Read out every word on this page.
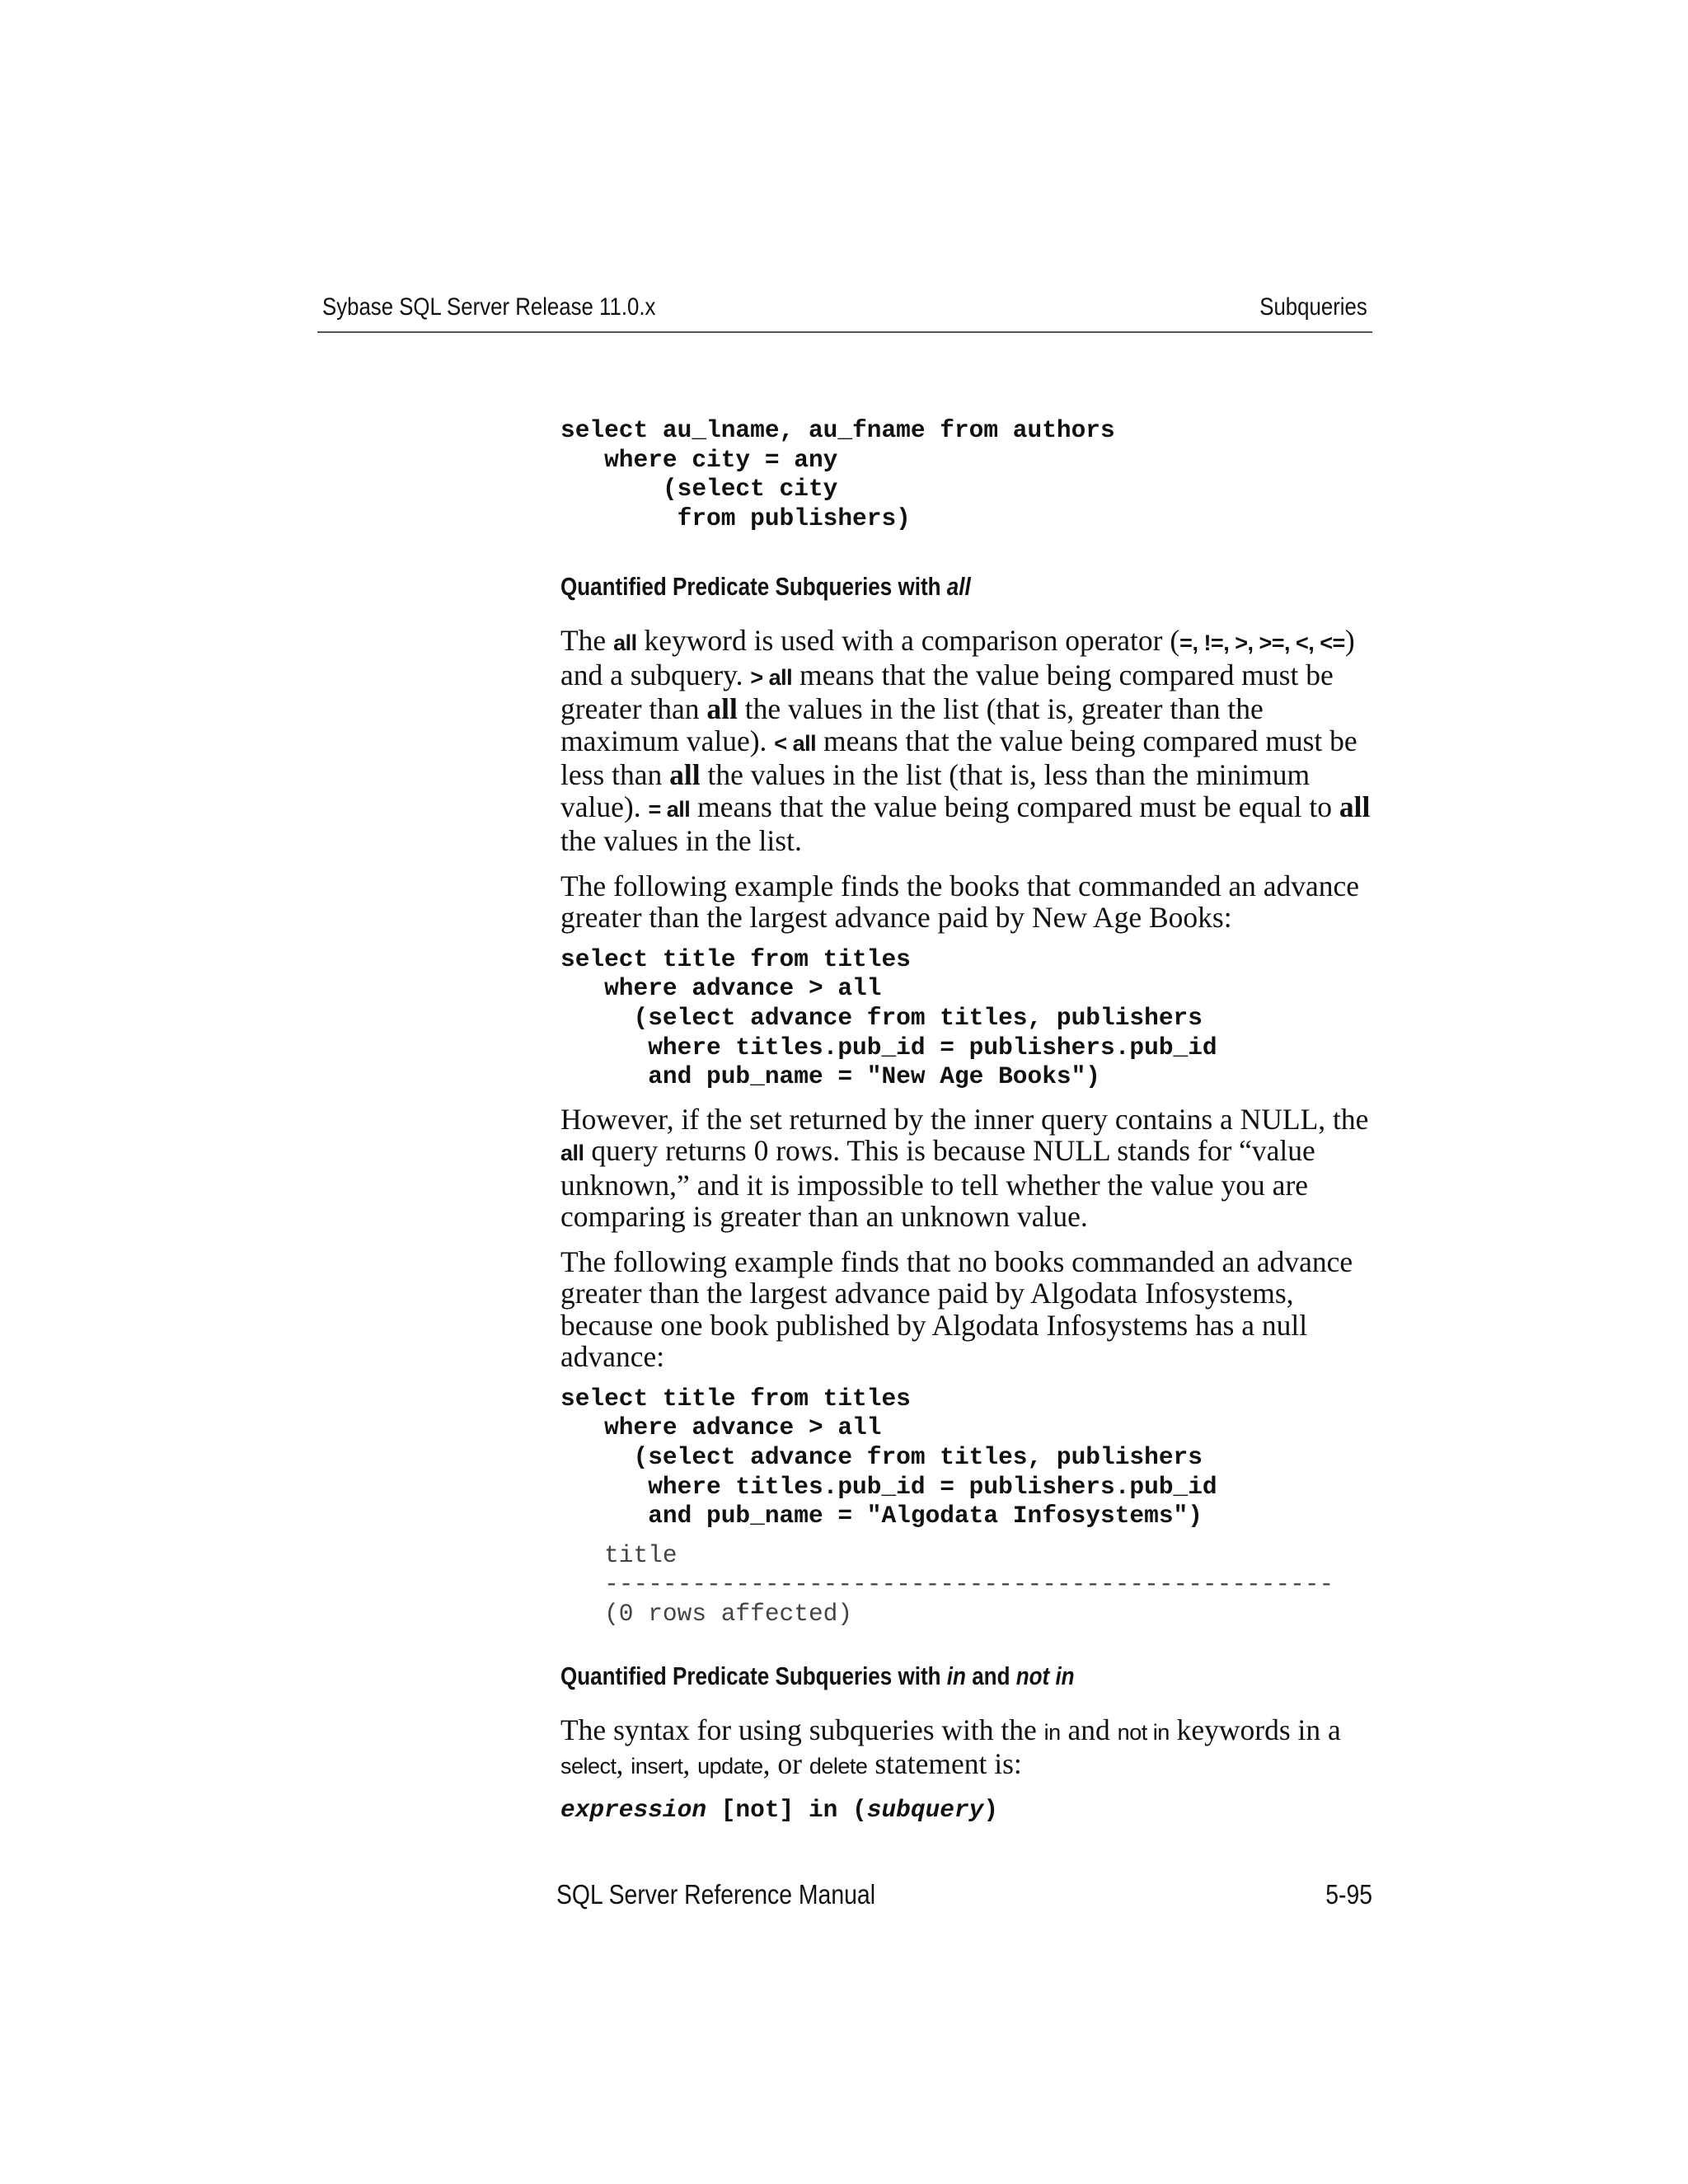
Sybase SQL Server Release 11.0.x	Subqueries
select au_lname, au_fname from authors
where city = any
(select city
from publishers)
Quantified Predicate Subqueries with all

The all keyword is used with a comparison operator (=, !=, >, >=, <, <=) and a subquery. > all means that the value being compared must be greater than all the values in the list (that is, greater than the maximum value). < all means that the value being compared must be less than all the values in the list (that is, less than the minimum value). = all means that the value being compared must be equal to all the values in the list.

The following example finds the books that commanded an advance greater than the largest advance paid by New Age Books:

select title from titles
where advance > all
(select advance from titles, publishers
where titles.pub_id = publishers.pub_id
and pub_name = "New Age Books")

However, if the set returned by the inner query contains a NULL, the all query returns 0 rows. This is because NULL stands for “value unknown,” and it is impossible to tell whether the value you are comparing is greater than an unknown value.

The following example finds that no books commanded an advance greater than the largest advance paid by Algodata Infosystems, because one book published by Algodata Infosystems has a null advance:

select title from titles
where advance > all
(select advance from titles, publishers
where titles.pub_id = publishers.pub_id
and pub_name = "Algodata Infosystems")
title
--------------------------------------------------
(0 rows affected)
Quantified Predicate Subqueries with in and not in

The syntax for using subqueries with the in and not in keywords in a select, insert, update, or delete statement is:

expression [not] in (subquery)
SQL Server Reference Manual	5-95
